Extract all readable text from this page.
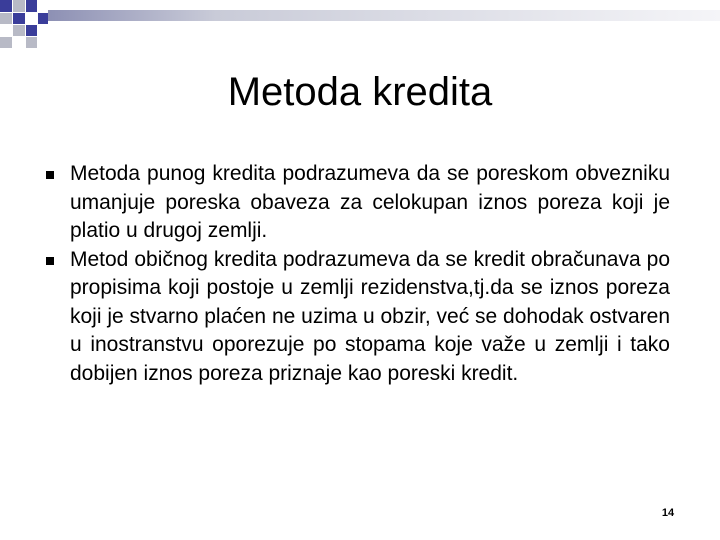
Metoda kredita
Metoda punog kredita podrazumeva da se poreskom obvezniku umanjuje poreska obaveza za celokupan iznos poreza koji je platio u drugoj zemlji.
Metod običnog kredita podrazumeva da se kredit obračunava po propisima koji postoje u zemlji rezidenstva,tj.da se iznos poreza koji je stvarno plaćen ne uzima u obzir, već se dohodak ostvaren u inostranstvu oporezuje po stopama koje važe u zemlji i tako dobijen iznos poreza priznaje kao poreski kredit.
14
